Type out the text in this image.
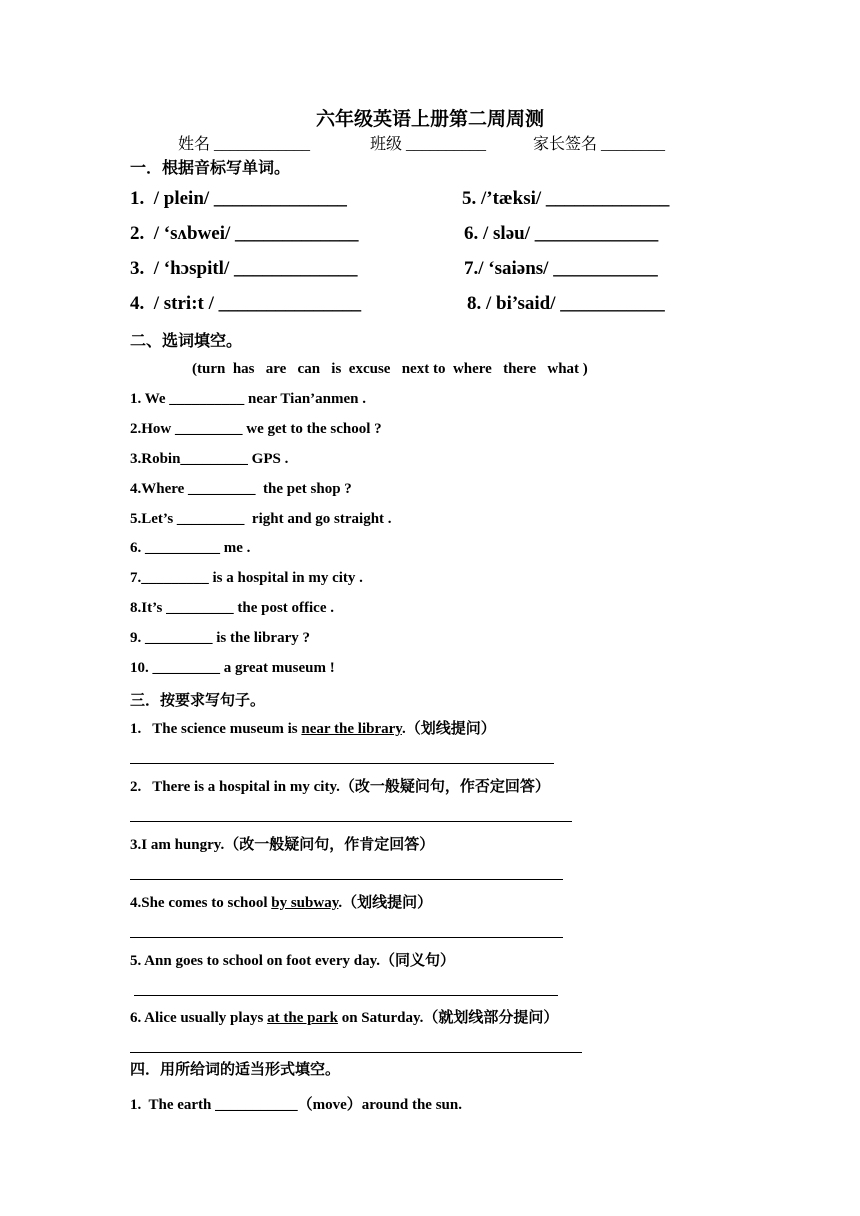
六年级英语上册第二周周测
姓名 ____________	班级 __________	家长签名 ________
一．根据音标写单词。
1.  / plein/ ______________
2.  / ‘sʌbwei/ _____________
3.  / ‘hɔspitl/ _____________
4.  / stri:t / _______________
5. /’tæksi/ _____________
6. / sləu/ _____________
7./ ‘saiəns/ ___________
8. / bi’said/ ___________
二、选词填空。
(turn  has   are   can   is  excuse   next to  where   there   what )
1. We __________ near Tian’anmen .
2.How _________ we get to the school ?
3.Robin_________ GPS .
4.Where _________  the pet shop ?
5.Let’s _________  right and go straight .
6. __________ me .
7._________ is a hospital in my city .
8.It’s _________ the post office .
9. _________ is the library ?
10. _________ a great museum !
三．按要求写句子。
1.   The science museum is near the library.（划线提问）
2.   There is a hospital in my city.（改一般疑问句，作否定回答）
3.I am hungry.（改一般疑问句，作肯定回答）
4.She comes to school by subway.（划线提问）
5. Ann goes to school on foot every day.（同义句）
6. Alice usually plays at the park on Saturday.（就划线部分提问）
四．用所给词的适当形式填空。
1.  The earth ___________（move）around the sun.
